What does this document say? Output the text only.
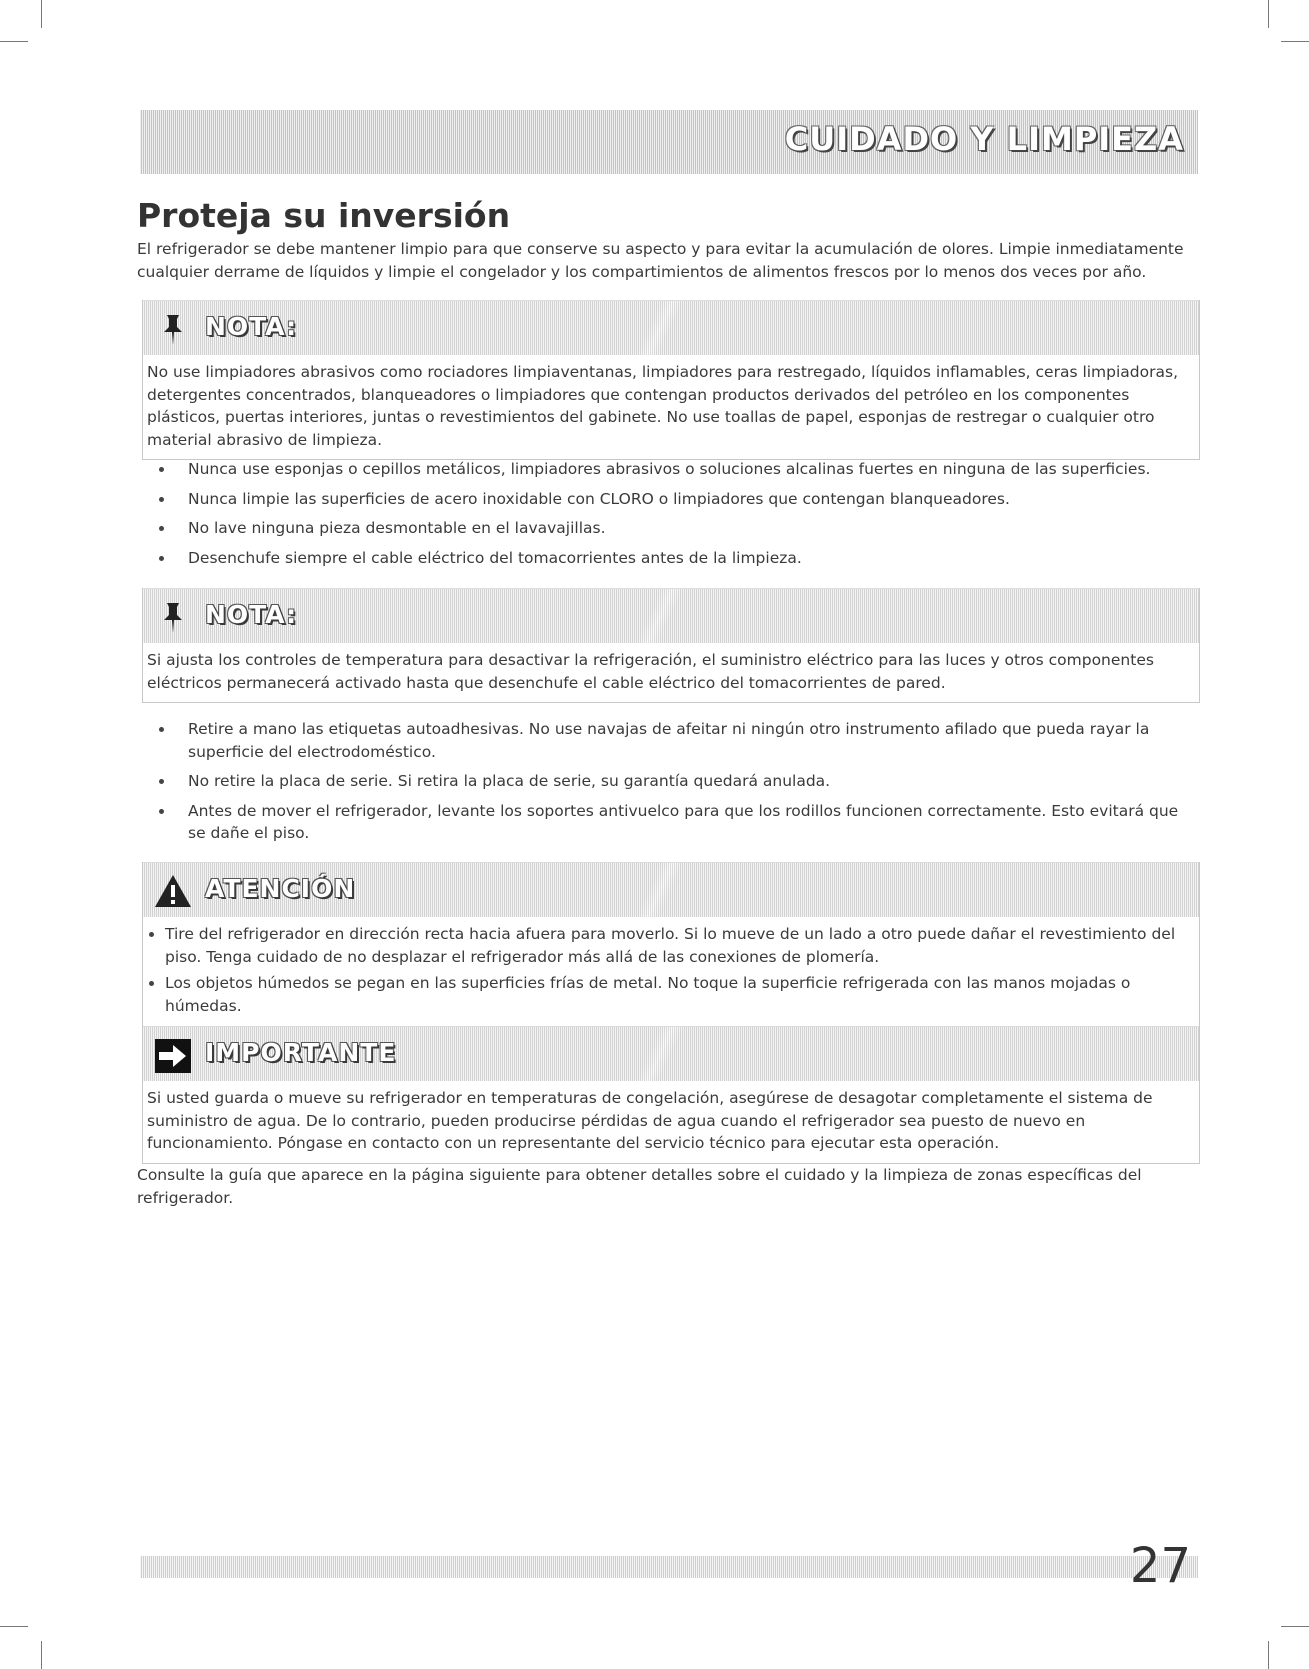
CUIDADO Y LIMPIEZA
Proteja su inversión
El refrigerador se debe mantener limpio para que conserve su aspecto y para evitar la acumulación de olores. Limpie inmediatamente cualquier derrame de líquidos y limpie el congelador y los compartimientos de alimentos frescos por lo menos dos veces por año.
NOTA:
No use limpiadores abrasivos como rociadores limpiaventanas, limpiadores para restregado, líquidos inflamables, ceras limpiadoras, detergentes concentrados, blanqueadores o limpiadores que contengan productos derivados del petróleo en los componentes plásticos, puertas interiores, juntas o revestimientos del gabinete. No use toallas de papel, esponjas de restregar o cualquier otro material abrasivo de limpieza.
Nunca use esponjas o cepillos metálicos, limpiadores abrasivos o soluciones alcalinas fuertes en ninguna de las superficies.
Nunca limpie las superficies de acero inoxidable con CLORO o limpiadores que contengan blanqueadores.
No lave ninguna pieza desmontable en el lavavajillas.
Desenchufe siempre el cable eléctrico del tomacorrientes antes de la limpieza.
NOTA:
Si ajusta los controles de temperatura para desactivar la refrigeración, el suministro eléctrico para las luces y otros componentes eléctricos permanecerá activado hasta que desenchufe el cable eléctrico del tomacorrientes de pared.
Retire a mano las etiquetas autoadhesivas. No use navajas de afeitar ni ningún otro instrumento afilado que pueda rayar la superficie del electrodoméstico.
No retire la placa de serie. Si retira la placa de serie, su garantía quedará anulada.
Antes de mover el refrigerador, levante los soportes antivuelco para que los rodillos funcionen correctamente. Esto evitará que se dañe el piso.
ATENCIÓN
Tire del refrigerador en dirección recta hacia afuera para moverlo. Si lo mueve de un lado a otro puede dañar el revestimiento del piso. Tenga cuidado de no desplazar el refrigerador más allá de las conexiones de plomería.
Los objetos húmedos se pegan en las superficies frías de metal. No toque la superficie refrigerada con las manos mojadas o húmedas.
IMPORTANTE
Si usted guarda o mueve su refrigerador en temperaturas de congelación, asegúrese de desagotar completamente el sistema de suministro de agua. De lo contrario, pueden producirse pérdidas de agua cuando el refrigerador sea puesto de nuevo en funcionamiento. Póngase en contacto con un representante del servicio técnico para ejecutar esta operación.
Consulte la guía que aparece en la página siguiente para obtener detalles sobre el cuidado y la limpieza de zonas específicas del refrigerador.
27
